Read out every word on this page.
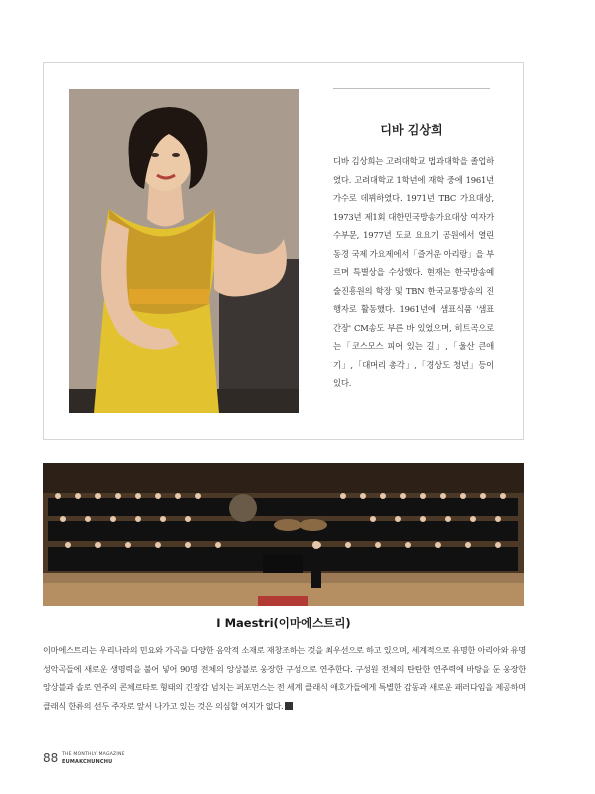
디바 김상희
디바 김상희는 고려대학교 법과대학을 졸업하였다. 고려대학교 1학년에 재학 중에 1961년 가수로 데뷔하였다. 1971년 TBC 가요대상, 1973년 제1회 대한민국방송가요대상 여자가수부문, 1977년 도쿄 요요기 공원에서 열린 동경 국제 가요제에서「즐거운 아리랑」을 부르며 특별상을 수상했다. 현재는 한국방송예술진흥원의 학장 및 TBN 한국교통방송의 진행자로 활동했다. 1961년에 샘표식품 '샘표 간장' CM송도 부른 바 있었으며, 히트곡으로는「코스모스 피어 있는 길」,「울산 큰애기」,「대머리 총각」,「경상도 청년」등이 있다.
I Maestri(이마에스트리)
이마에스트리는 우리나라의 민요와 가곡을 다양한 음악적 소재로 재창조하는 것을 최우선으로 하고 있으며, 세계적으로 유명한 아리아와 유명 성악곡들에 새로운 생명력을 불어 넣어 90명 전체의 앙상블로 웅장한 구성으로 연주한다. 구성원 전체의 탄탄한 연주력에 바탕을 둔 웅장한 앙상블과 솔로 연주의 콘체르타토 형태의 긴장감 넘치는 퍼포먼스는 전 세계 클래식 애호가들에게 특별한 감동과 새로운 패러다임을 제공하며 클래식 한류의 선두 주자로 앞서 나가고 있는 것은 의심할 여지가 없다.
88 THE MONTHLY MAGAZINE
EUMAKCHUNCHU
